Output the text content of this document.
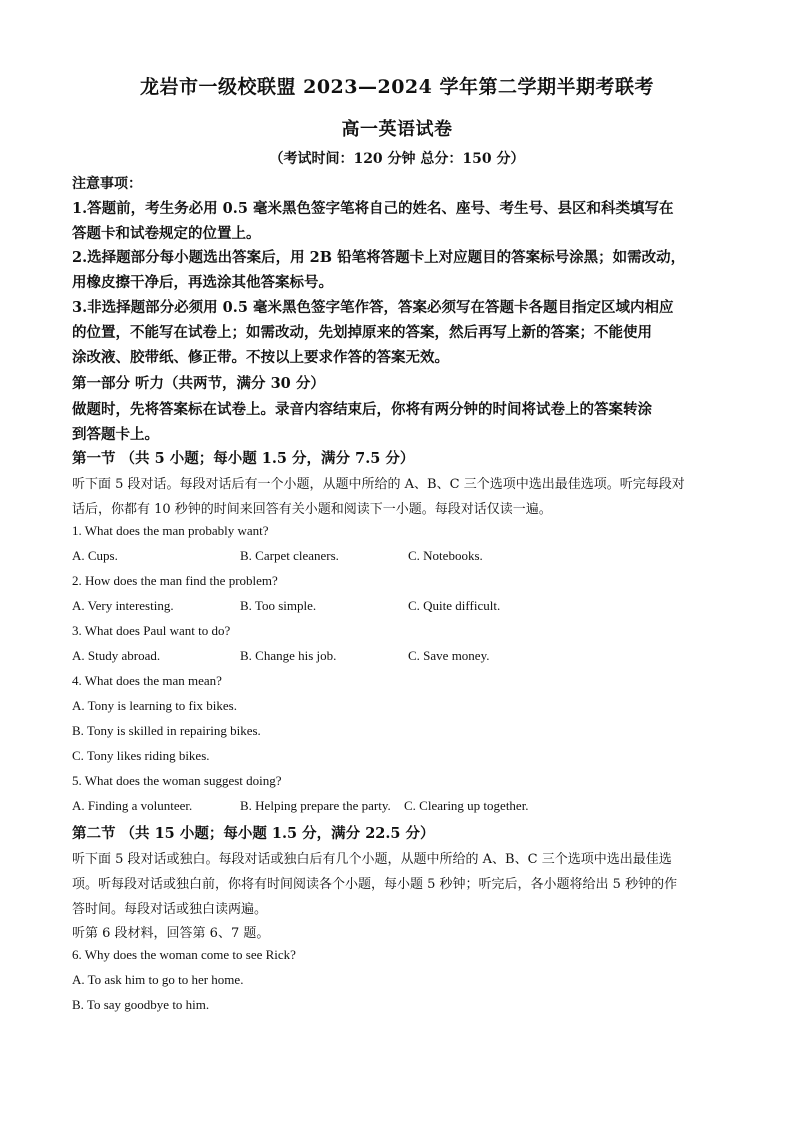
龙岩市一级校联盟 2023—2024 学年第二学期半期考联考
高一英语试卷
（考试时间：120 分钟 总分：150 分）
注意事项：
1.答题前，考生务必用 0.5 毫米黑色签字笔将自己的姓名、座号、考生号、县区和科类填写在
答题卡和试卷规定的位置上。
2.选择题部分每小题选出答案后，用 2B 铅笔将答题卡上对应题目的答案标号涂黑；如需改动，
用橡皮擦干净后，再选涂其他答案标号。
3.非选择题部分必须用 0.5 毫米黑色签字笔作答，答案必须写在答题卡各题目指定区域内相应
的位置，不能写在试卷上；如需改动，先划掉原来的答案，然后再写上新的答案；不能使用
涂改液、胶带纸、修正带。不按以上要求作答的答案无效。
第一部分 听力（共两节，满分 30 分）
做题时，先将答案标在试卷上。录音内容结束后，你将有两分钟的时间将试卷上的答案转涂
到答题卡上。
第一节 （共 5 小题；每小题 1.5 分，满分 7.5 分）
听下面 5 段对话。每段对话后有一个小题，从题中所给的 A、B、C 三个选项中选出最佳选项。听完每段对
话后，你都有 10 秒钟的时间来回答有关小题和阅读下一小题。每段对话仅读一遍。
1. What does the man probably want?
A. Cups.	B. Carpet cleaners.	C. Notebooks.
2. How does the man find the problem?
A. Very interesting.	B. Too simple.	C. Quite difficult.
3. What does Paul want to do?
A. Study abroad.	B. Change his job.	C. Save money.
4. What does the man mean?
A. Tony is learning to fix bikes.
B. Tony is skilled in repairing bikes.
C. Tony likes riding bikes.
5. What does the woman suggest doing?
A. Finding a volunteer.	B. Helping prepare the party. C. Clearing up together.
第二节 （共 15 小题；每小题 1.5 分，满分 22.5 分）
听下面 5 段对话或独白。每段对话或独白后有几个小题，从题中所给的 A、B、C 三个选项中选出最佳选
项。听每段对话或独白前，你将有时间阅读各个小题，每小题 5 秒钟；听完后，各小题将给出 5 秒钟的作
答时间。每段对话或独白读两遍。
听第 6 段材料，回答第 6、7 题。
6. Why does the woman come to see Rick?
A. To ask him to go to her home.
B. To say goodbye to him.
